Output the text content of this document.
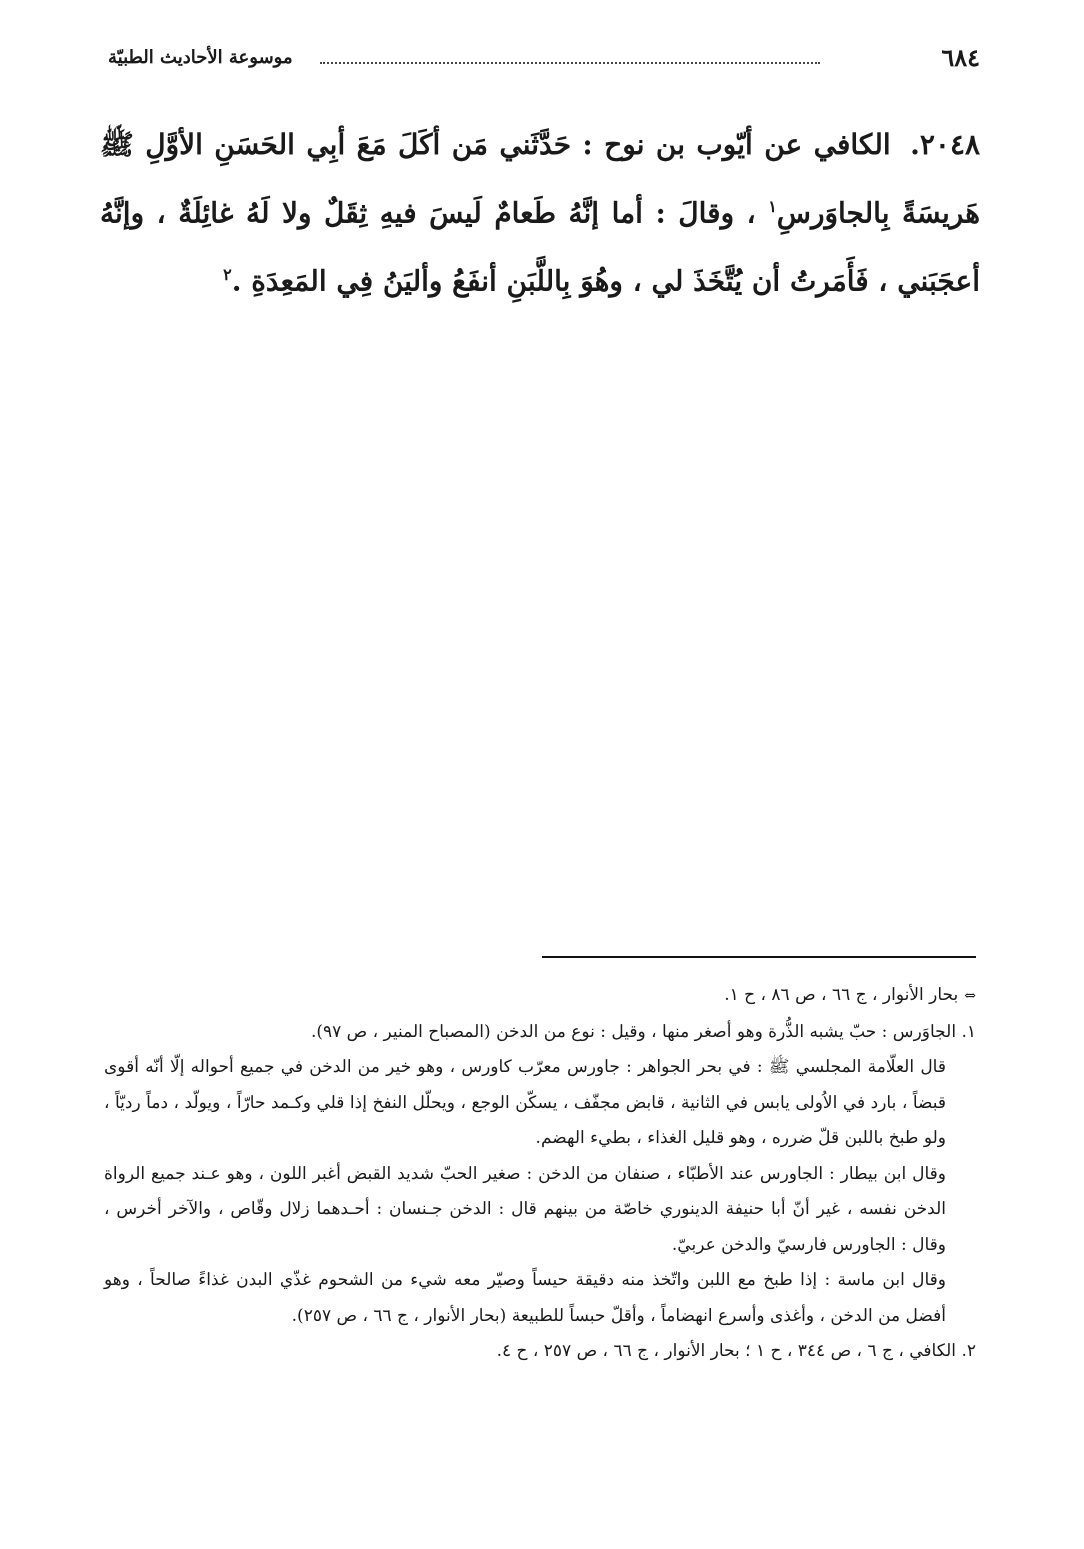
٦٨٤
موسوعة الأحاديث الطبيّة
٢٠٤٨. الكافي عن أيّوب بن نوح : حَدَّثَني مَن أكَلَ مَعَ أبِي الحَسَنِ الأوَّلِ ﷺ هَريسَةً بِالجاوَرسِ$^١$ ، وقالَ : أما إنَّهُ طَعامٌ لَيسَ فيهِ ثِقَلٌ ولا لَهُ غائِلَةٌ ، وإنَّهُ أعجَبَني ، فَأَمَرتُ أن يُتَّخَذَ لي ، وهُوَ بِاللَّبَنِ أنفَعُ وأليَنُ فِي المَعِدَةِ .$^٢$

⇔بحار الأنوار ، ج ٦٦ ، ص ٨٦ ، ح ١.

١. الجاوَرس : حبّ يشبه الذُّرة وهو أصغر منها ، وقيل : نوع من الدخن (المصباح المنير ، ص ٩٧).

قال العلّامة المجلسي ﷺ : في بحر الجواهر : جاورس معرّب كاورس ، وهو خير من الدخن في جميع أحواله إلّا أنّه أقوى قبضاً ، بارد في الاُولى يابس في الثانية ، قابض مجفّف ، يسكّن الوجع ، ويحلّل النفخ إذا قلي وكـمد حارّاً ، ويولّد ، دماً رديّاً ، ولو طبخ باللبن قلّ ضرره ، وهو قليل الغذاء ، بطيء الهضم.

وقال ابن بيطار : الجاورس عند الأطبّاء ، صنفان من الدخن : صغير الحبّ شديد القبض أغبر اللون ، وهو عـند جميع الرواة الدخن نفسه ، غير أنّ أبا حنيفة الدينوري خاصّة من بينهم قال : الدخن جـنسان : أحـدهما زلال وقّاص ، والآخر أخرس ، وقال : الجاورس فارسيّ والدخن عربيّ.

وقال ابن ماسة : إذا طبخ مع اللبن واتّخذ منه دقيقة حيساً وصيّر معه شيء من الشحوم غذّي البدن غذاءً صالحاً ، وهو أفضل من الدخن ، وأغذى وأسرع انهضاماً ، وأقلّ حبساً للطبيعة (بحار الأنوار ، ج ٦٦ ، ص ٢٥٧).

٢. الكافي ، ج ٦ ، ص ٣٤٤ ، ح ١ ؛ بحار الأنوار ، ج ٦٦ ، ص ٢٥٧ ، ح ٤.
